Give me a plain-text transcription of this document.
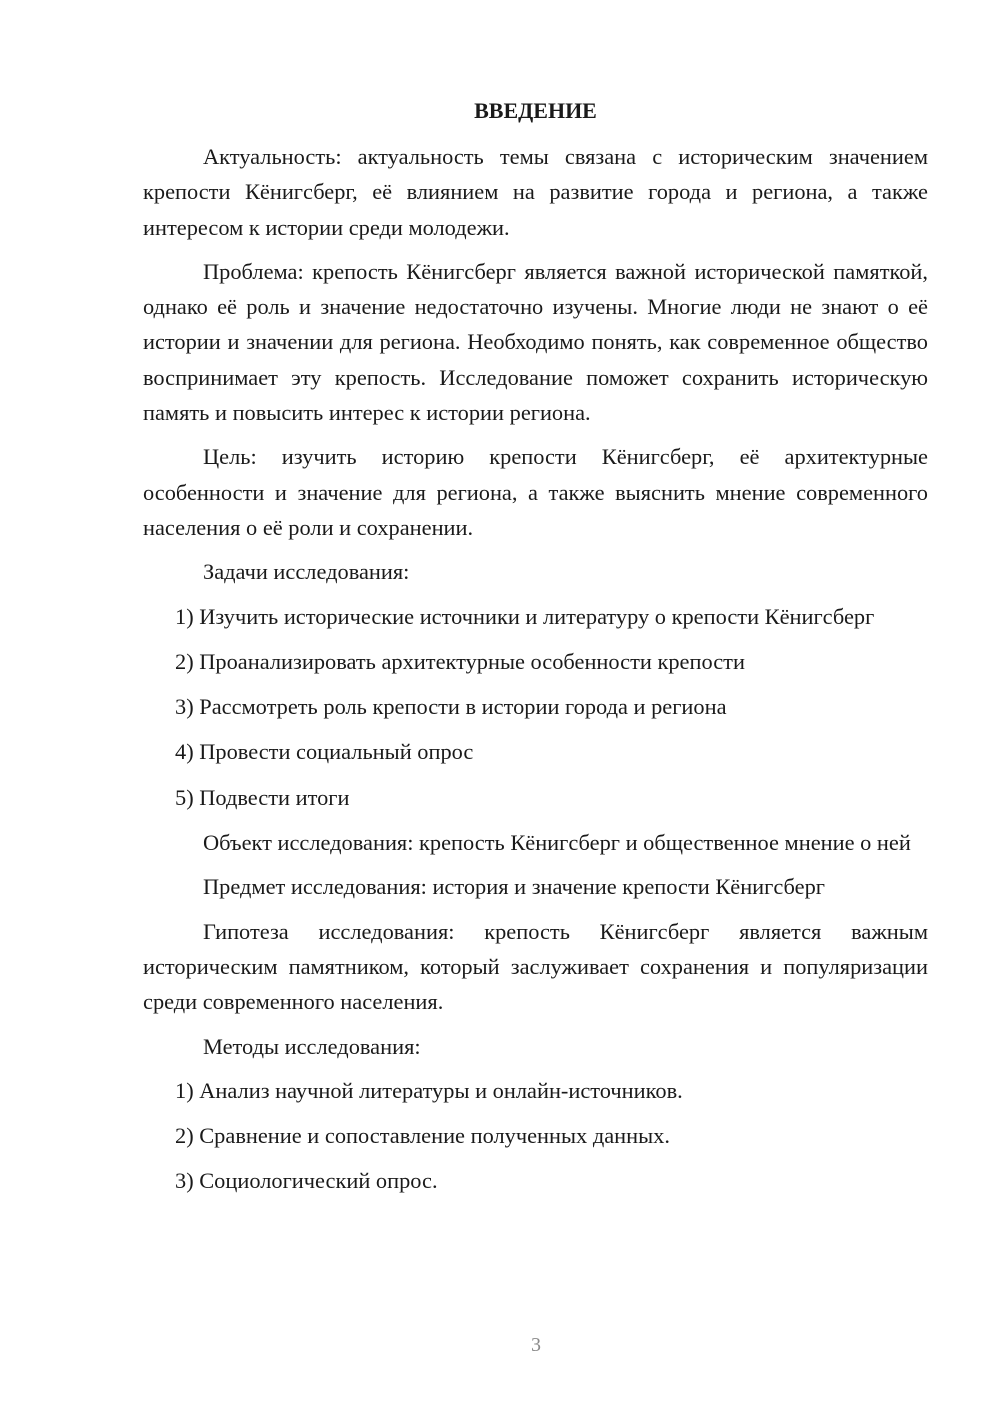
ВВЕДЕНИЕ

Актуальность: актуальность темы связана с историческим значением крепости Кёнигсберг, её влиянием на развитие города и региона, а также интересом к истории среди молодежи.

Проблема: крепость Кёнигсберг является важной исторической памяткой, однако её роль и значение недостаточно изучены. Многие люди не знают о её истории и значении для региона. Необходимо понять, как современное общество воспринимает эту крепость. Исследование поможет сохранить историческую память и повысить интерес к истории региона.

Цель: изучить историю крепости Кёнигсберг, её архитектурные особенности и значение для региона, а также выяснить мнение современного населения о её роли и сохранении.

Задачи исследования:

1) Изучить исторические источники и литературу о крепости Кёнигсберг

2) Проанализировать архитектурные особенности крепости

3) Рассмотреть роль крепости в истории города и региона

4) Провести социальный опрос

5) Подвести итоги

Объект исследования: крепость Кёнигсберг и общественное мнение о ней

Предмет исследования: история и значение крепости Кёнигсберг

Гипотеза исследования: крепость Кёнигсберг является важным историческим памятником, который заслуживает сохранения и популяризации среди современного населения.

Методы исследования:

1) Анализ научной литературы и онлайн-источников.

2) Сравнение и сопоставление полученных данных.

3) Социологический опрос.

3
